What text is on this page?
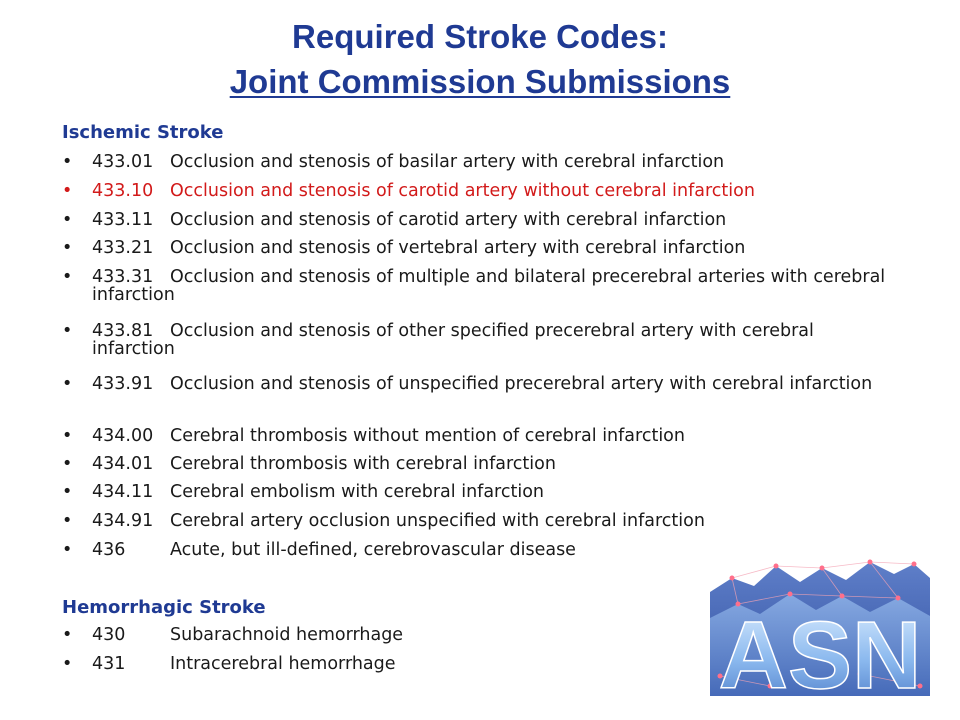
Required Stroke Codes:
Joint Commission Submissions
Ischemic Stroke
• 433.01 Occlusion and stenosis of basilar artery with cerebral infarction
• 433.10 Occlusion and stenosis of carotid artery without cerebral infarction
• 433.11 Occlusion and stenosis of carotid artery with cerebral infarction
• 433.21 Occlusion and stenosis of vertebral artery with cerebral infarction
• 433.31 Occlusion and stenosis of multiple and bilateral precerebral arteries with cerebral infarction
• 433.81 Occlusion and stenosis of other specified precerebral artery with cerebral infarction
• 433.91 Occlusion and stenosis of unspecified precerebral artery with cerebral infarction
• 434.00 Cerebral thrombosis without mention of cerebral infarction
• 434.01 Cerebral thrombosis with cerebral infarction
• 434.11 Cerebral embolism with cerebral infarction
• 434.91 Cerebral artery occlusion unspecified with cerebral infarction
• 436	Acute, but ill-defined, cerebrovascular disease
Hemorrhagic Stroke
• 430	Subarachnoid hemorrhage
• 431	Intracerebral hemorrhage	ASN
